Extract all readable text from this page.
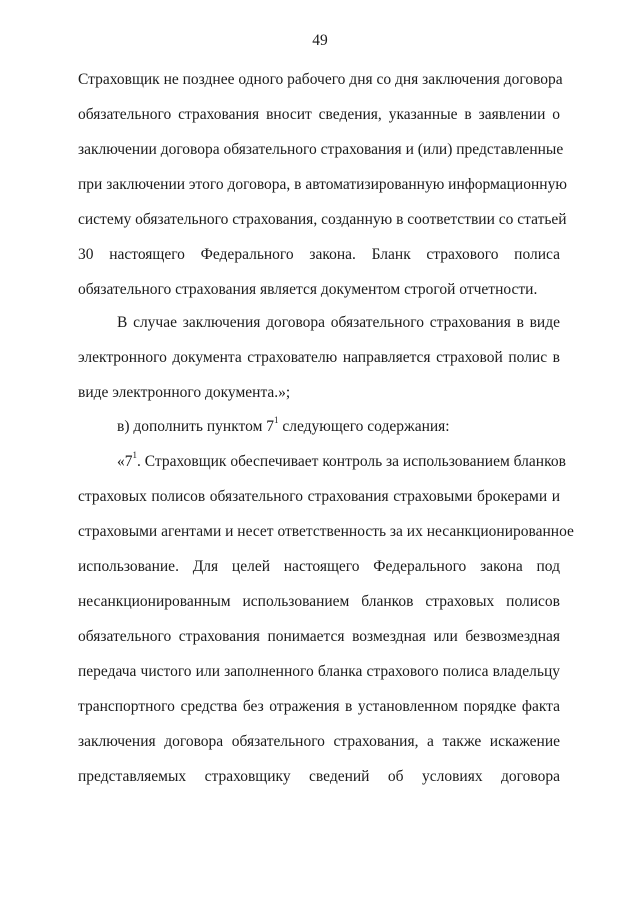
49
Страховщик не позднее одного рабочего дня со дня заключения договора
обязательного страхования вносит сведения, указанные в заявлении о
заключении договора обязательного страхования и (или) представленные
при заключении этого договора, в автоматизированную информационную
систему обязательного страхования, созданную в соответствии со статьей
30 настоящего Федерального закона. Бланк страхового полиса
обязательного страхования является документом строгой отчетности.
В случае заключения договора обязательного страхования в виде
электронного документа страхователю направляется страховой полис в
виде электронного документа.»;
в) дополнить пунктом $7^1$ следующего содержания:
«$7^1$. Страховщик обеспечивает контроль за использованием бланков
страховых полисов обязательного страхования страховыми брокерами и
страховыми агентами и несет ответственность за их несанкционированное
использование. Для целей настоящего Федерального закона под
несанкционированным использованием бланков страховых полисов
обязательного страхования понимается возмездная или безвозмездная
передача чистого или заполненного бланка страхового полиса владельцу
транспортного средства без отражения в установленном порядке факта
заключения договора обязательного страхования, а также искажение
представляемых страховщику сведений об условиях договора
